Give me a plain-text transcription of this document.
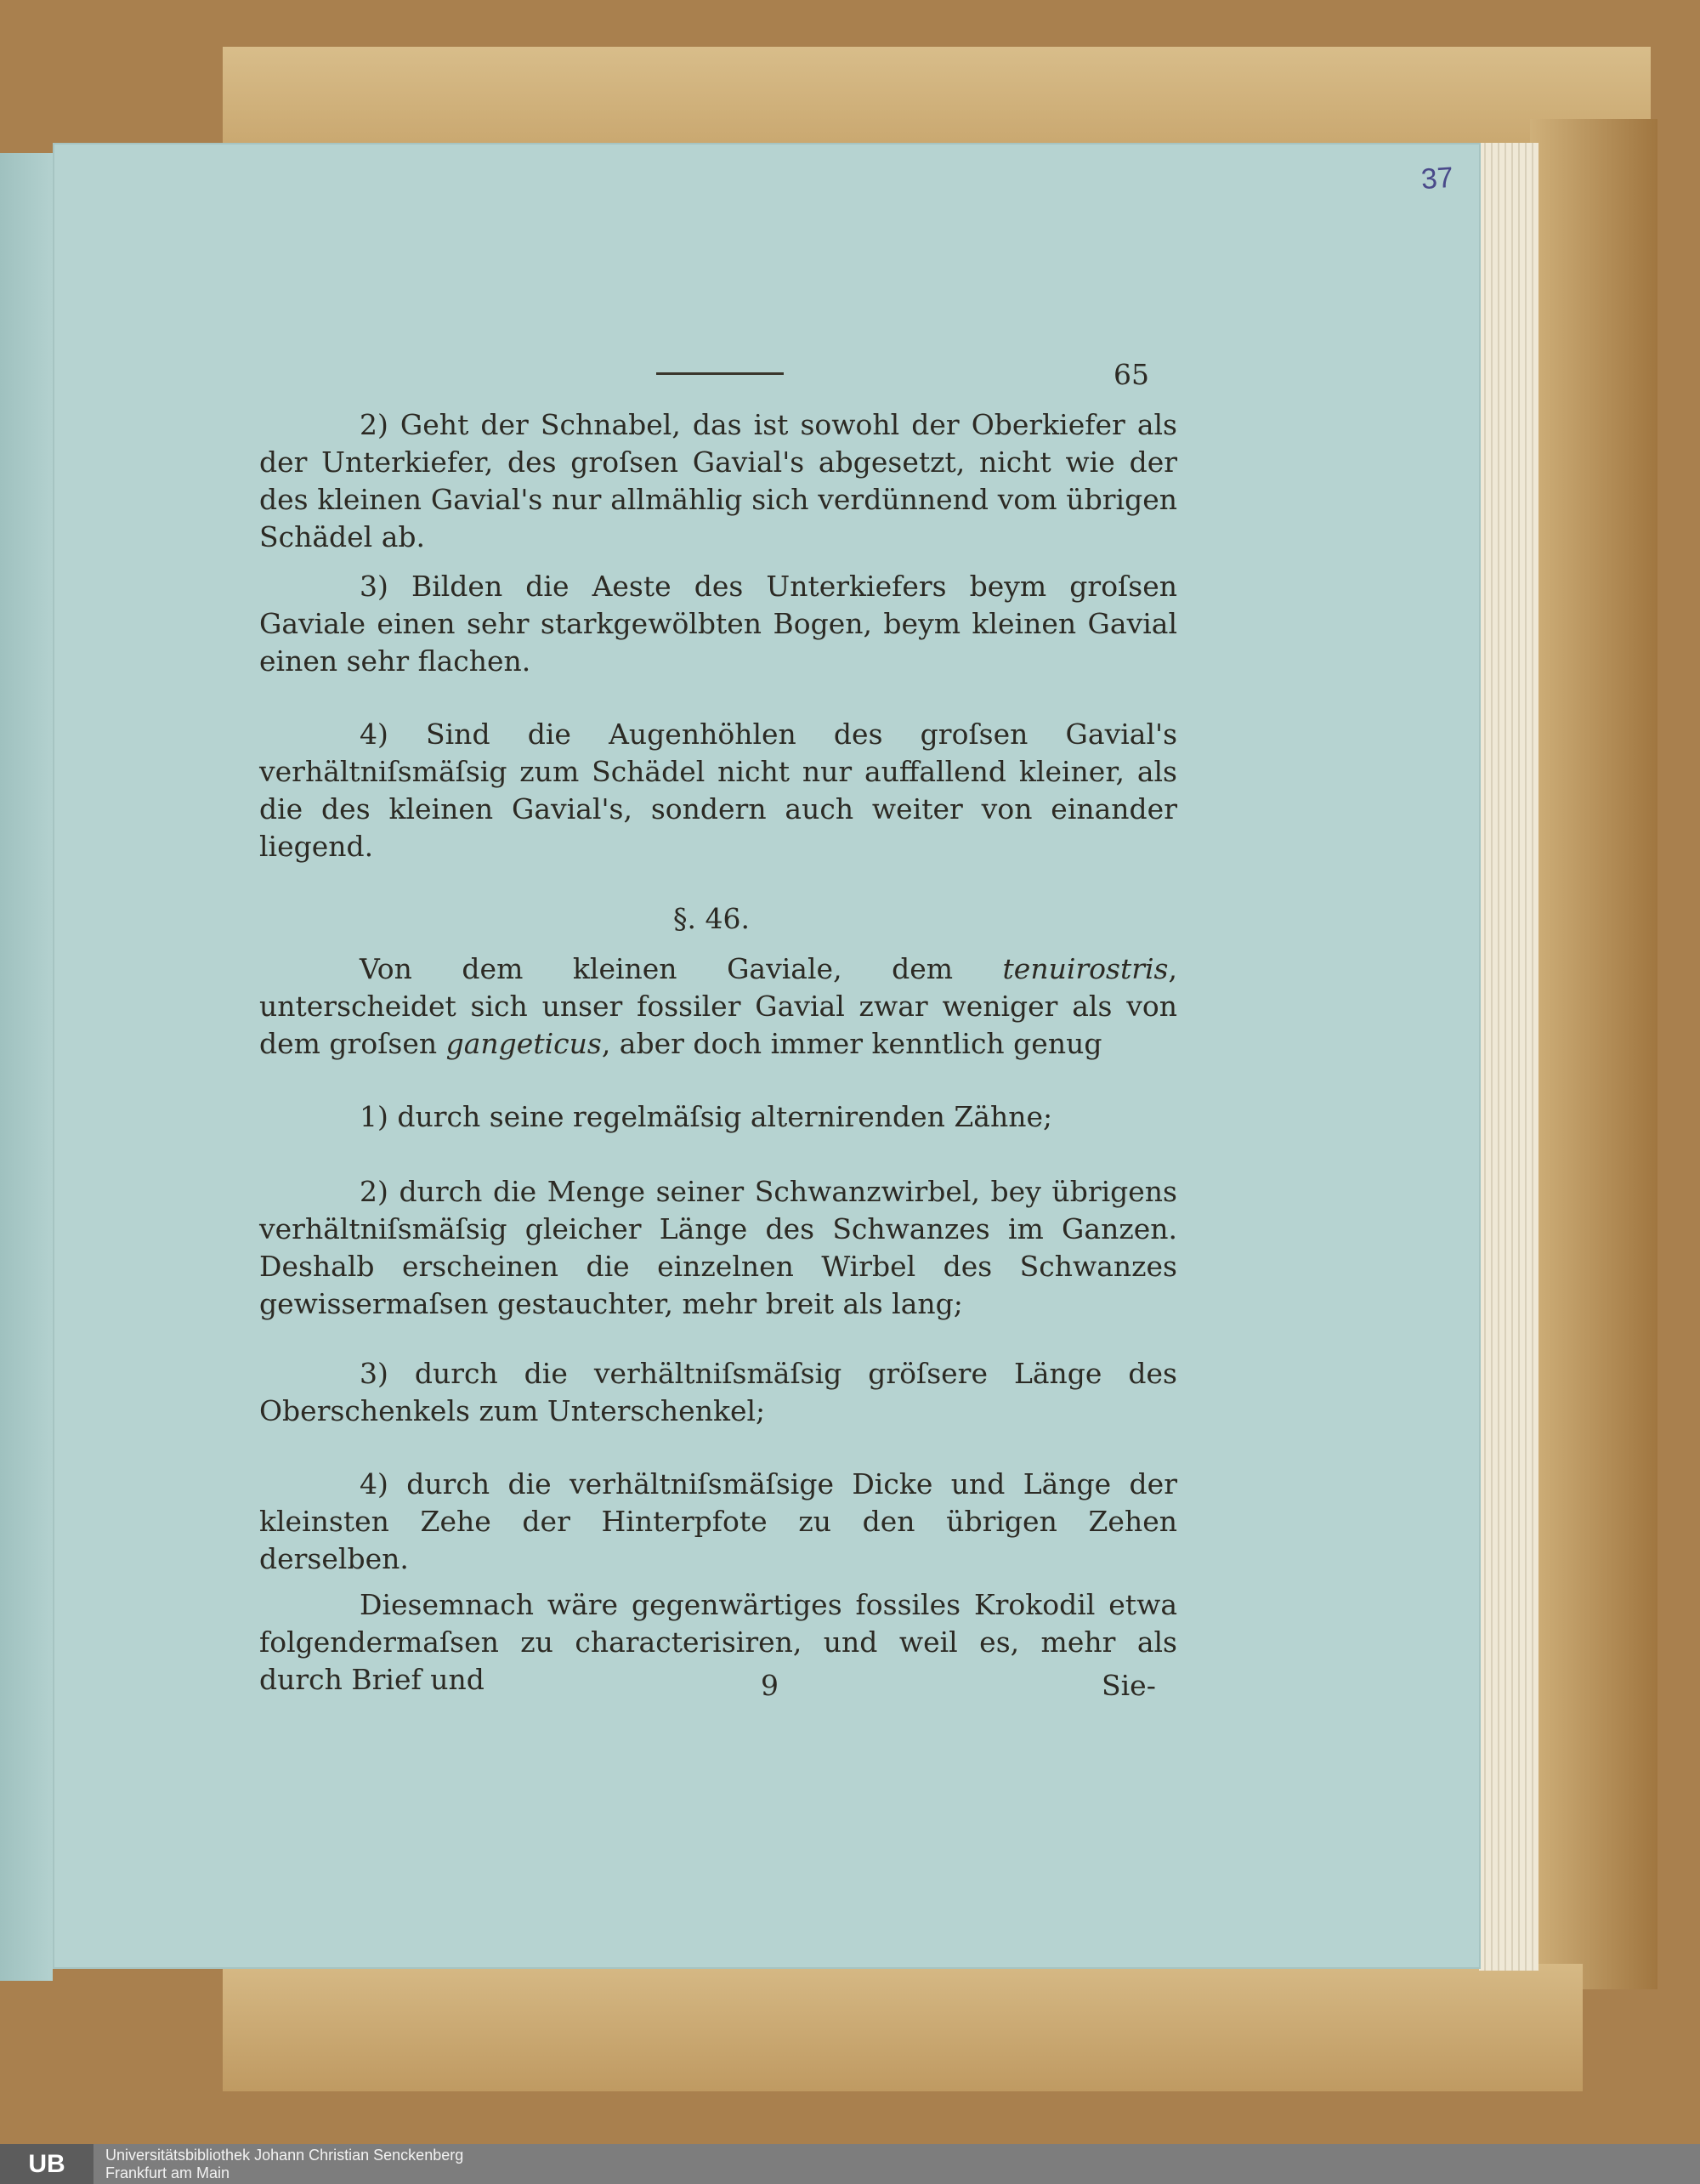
37
65

2) Geht der Schnabel, das ist sowohl der Oberkiefer als der Unterkiefer, des groſsen Gavial's abgesetzt, nicht wie der des kleinen Gavial's nur allmählig sich verdünnend vom übrigen Schädel ab.

3) Bilden die Aeste des Unterkiefers beym groſsen Gaviale einen sehr starkgewölbten Bogen, beym kleinen Gavial einen sehr flachen.

4) Sind die Augenhöhlen des groſsen Gavial's verhältniſsmäſsig zum Schädel nicht nur auffallend kleiner, als die des kleinen Gavial's, sondern auch weiter von einander liegend.

§. 46.

Von dem kleinen Gaviale, dem tenuirostris, unterscheidet sich unser fossiler Gavial zwar weniger als von dem groſsen gangeticus, aber doch immer kenntlich genug

1) durch seine regelmäſsig alternirenden Zähne;

2) durch die Menge seiner Schwanzwirbel, bey übrigens verhältniſsmäſsig gleicher Länge des Schwanzes im Ganzen. Deshalb erscheinen die einzelnen Wirbel des Schwanzes gewissermaſsen gestauchter, mehr breit als lang;

3) durch die verhältniſsmäſsig gröſsere Länge des Oberschenkels zum Unterschenkel;

4) durch die verhältniſsmäſsige Dicke und Länge der kleinsten Zehe der Hinterpfote zu den übrigen Zehen derselben.

Diesemnach wäre gegenwärtiges fossiles Krokodil etwa folgendermaſsen zu characterisiren, und weil es, mehr als durch Brief und	9	Sie-
UB	Universitätsbibliothek Johann Christian Senckenberg
Frankfurt am Main
